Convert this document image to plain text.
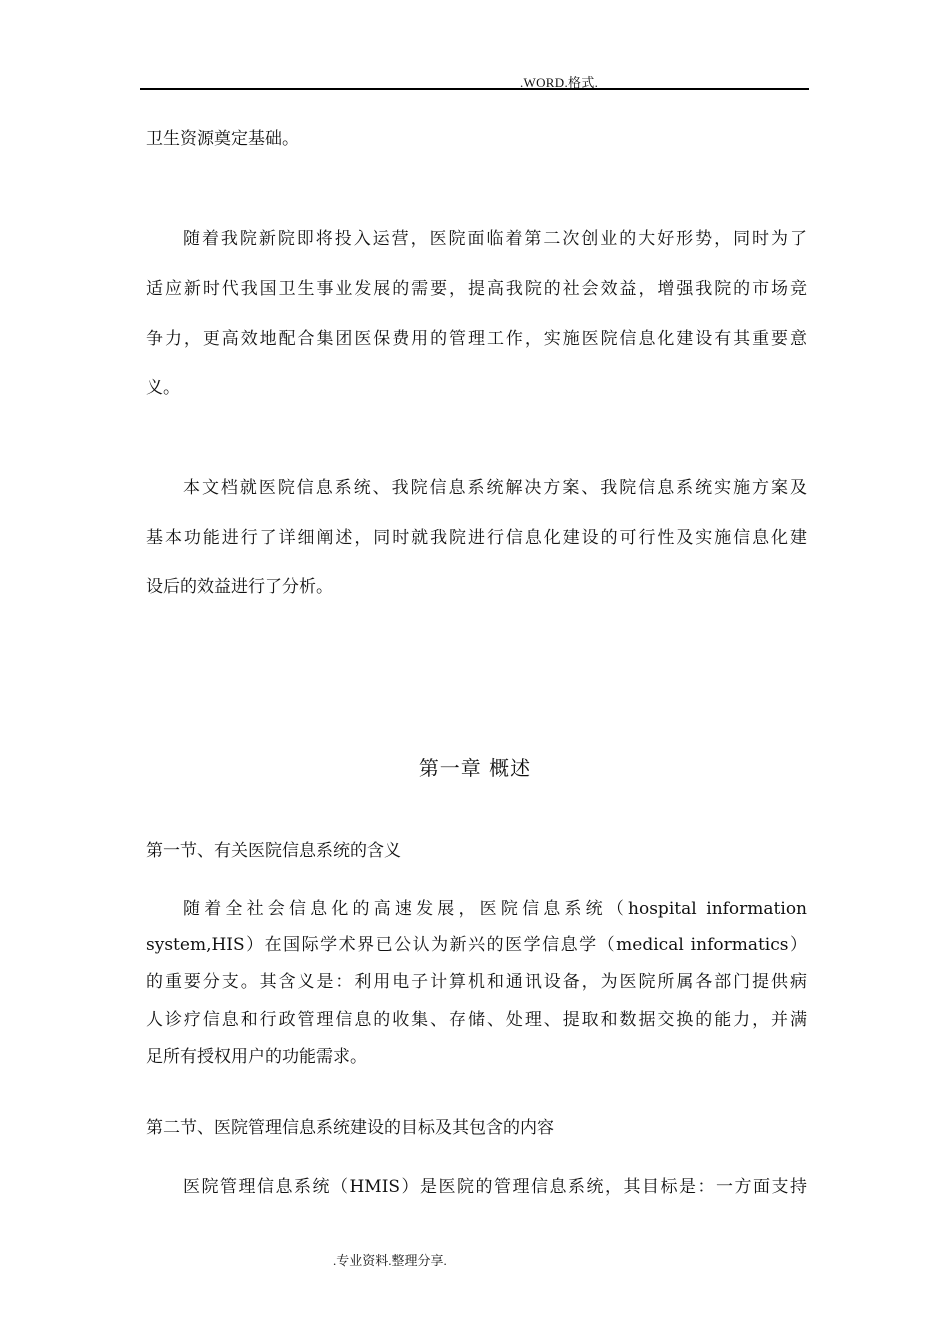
.WORD.格式.
卫生资源奠定基础。
随着我院新院即将投入运营，医院面临着第二次创业的大好形势，同时为了
适应新时代我国卫生事业发展的需要，提高我院的社会效益，增强我院的市场竞
争力，更高效地配合集团医保费用的管理工作，实施医院信息化建设有其重要意
义。
本文档就医院信息系统、我院信息系统解决方案、我院信息系统实施方案及
基本功能进行了详细阐述，同时就我院进行信息化建设的可行性及实施信息化建
设后的效益进行了分析。
第一章 概述
第一节、有关医院信息系统的含义
随着全社会信息化的高速发展，医院信息系统（hospital information
system,HIS）在国际学术界已公认为新兴的医学信息学（medical informatics）
的重要分支。其含义是：利用电子计算机和通讯设备，为医院所属各部门提供病
人诊疗信息和行政管理信息的收集、存储、处理、提取和数据交换的能力，并满
足所有授权用户的功能需求。
第二节、医院管理信息系统建设的目标及其包含的内容
医院管理信息系统（HMIS）是医院的管理信息系统，其目标是：一方面支持
.专业资料.整理分享.
